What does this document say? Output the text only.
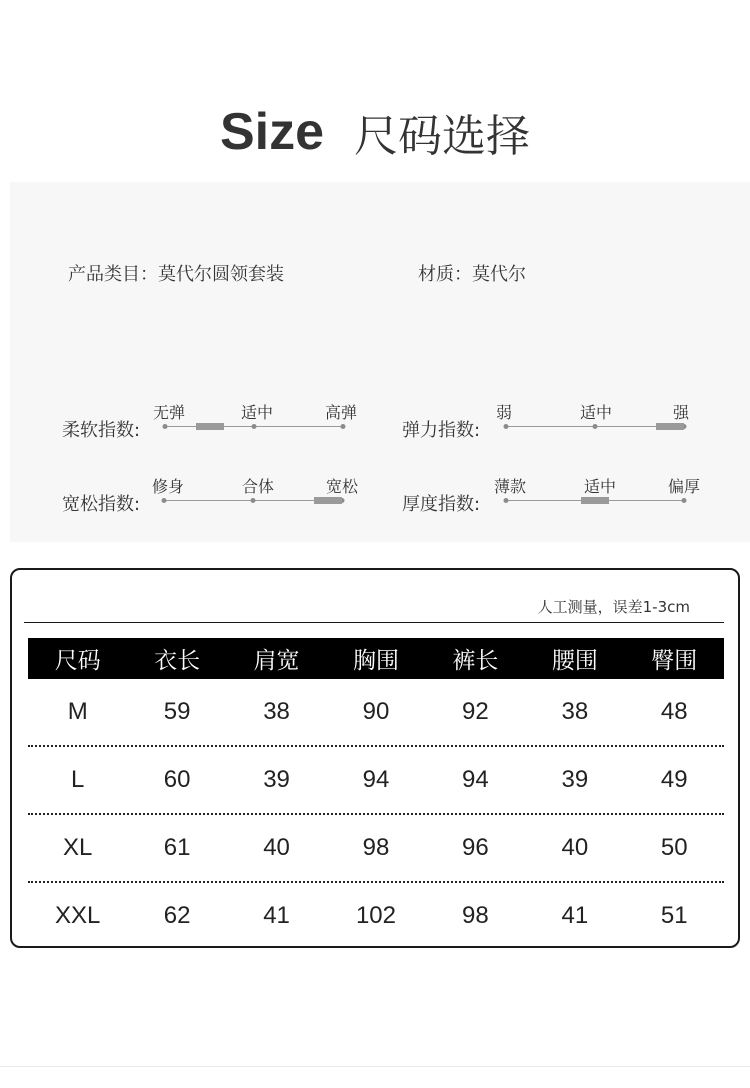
Size 尺码选择
产品类目：莫代尔圆领套装	材质：莫代尔
柔软指数:
无弹	适中	高弹
弹力指数:
弱	适中	强
宽松指数:
修身	合体	宽松
厚度指数:
薄款	适中	偏厚
人工测量，误差1-3cm
尺码	衣长	肩宽	胸围	裤长	腰围	臀围
M	59	38	90	92	38	48
L	60	39	94	94	39	49
XL	61	40	98	96	40	50
XXL	62	41	102	98	41	51
